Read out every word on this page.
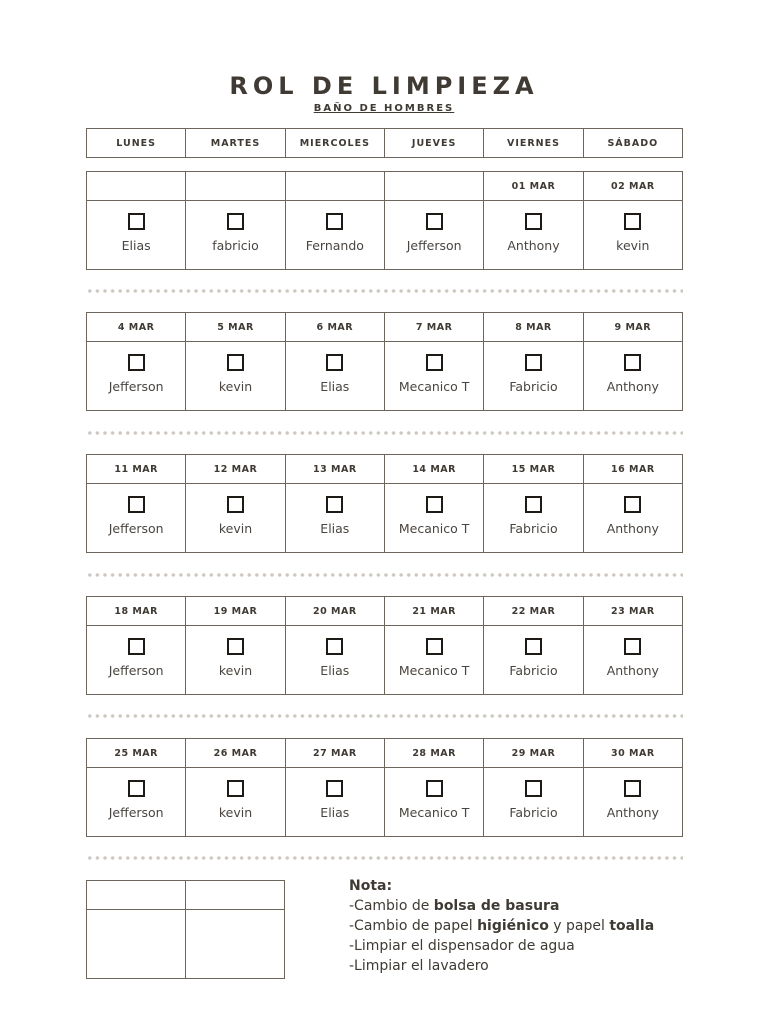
ROL DE LIMPIEZA
BAÑO DE HOMBRES
LUNES	MARTES	MIERCOLES	JUEVES	VIERNES	SÁBADO
				01 MAR	02 MAR

Elias	fabricio	Fernando	Jefferson	Anthony	kevin
4 MAR	5 MAR	6 MAR	7 MAR	8 MAR	9 MAR

Jefferson	kevin	Elias	Mecanico T	Fabricio	Anthony
11 MAR	12 MAR	13 MAR	14 MAR	15 MAR	16 MAR

Jefferson	kevin	Elias	Mecanico T	Fabricio	Anthony
18 MAR	19 MAR	20 MAR	21 MAR	22 MAR	23 MAR

Jefferson	kevin	Elias	Mecanico T	Fabricio	Anthony
25 MAR	26 MAR	27 MAR	28 MAR	29 MAR	30 MAR

Jefferson	kevin	Elias	Mecanico T	Fabricio	Anthony

Nota:
-Cambio de bolsa de basura
-Cambio de papel higiénico y papel toalla
-Limpiar el dispensador de agua
-Limpiar el lavadero
